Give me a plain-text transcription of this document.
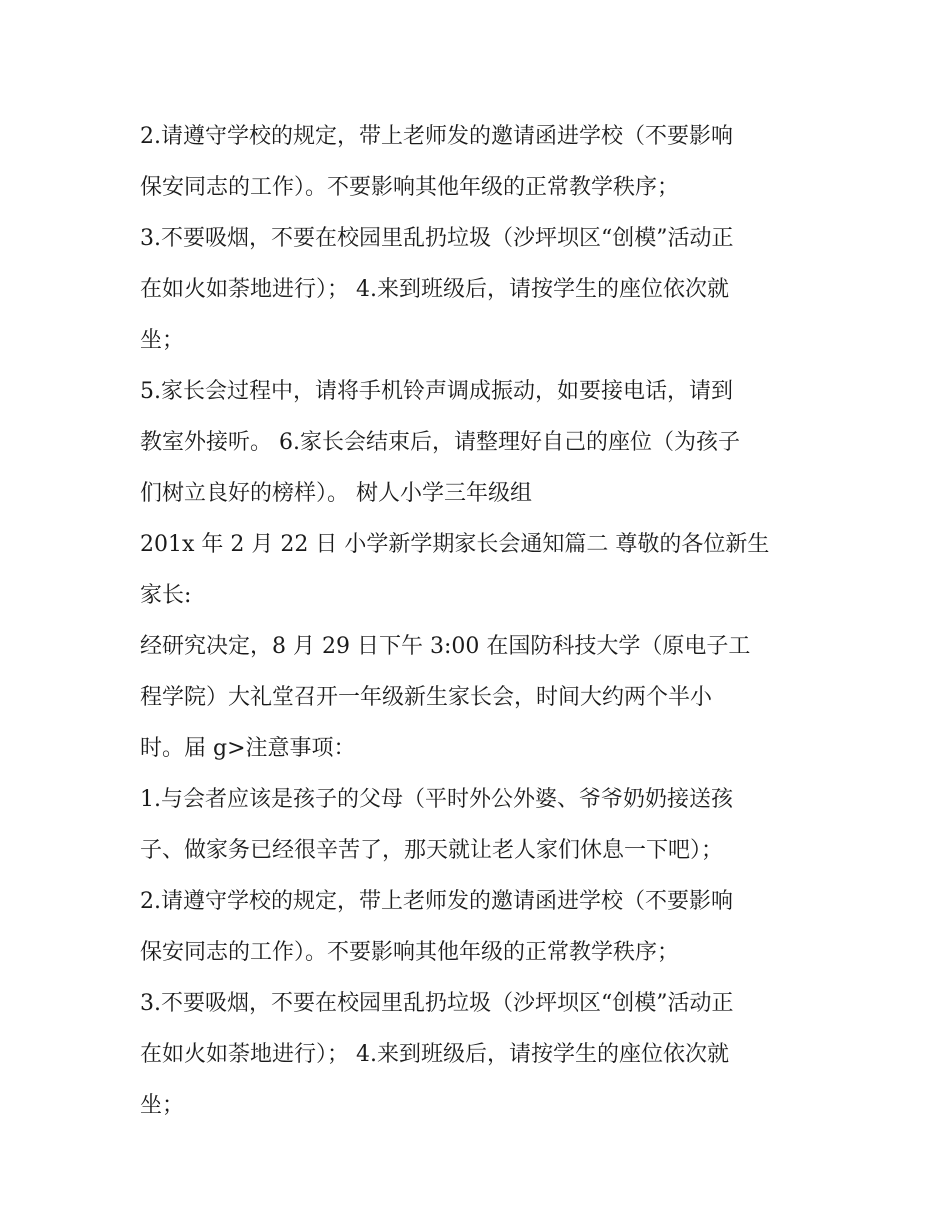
2.请遵守学校的规定，带上老师发的邀请函进学校（不要影响
保安同志的工作）。不要影响其他年级的正常教学秩序；
3.不要吸烟，不要在校园里乱扔垃圾（沙坪坝区“创模”活动正
在如火如荼地进行）； 4.来到班级后，请按学生的座位依次就
坐；
5.家长会过程中，请将手机铃声调成振动，如要接电话，请到
教室外接听。 6.家长会结束后，请整理好自己的座位（为孩子
们树立良好的榜样）。 树人小学三年级组
201x 年 2 月 22 日 小学新学期家长会通知篇二 尊敬的各位新生
家长:
经研究决定，8 月 29 日下午 3:00 在国防科技大学（原电子工
程学院）大礼堂召开一年级新生家长会，时间大约两个半小
时。届 g>注意事项：
1.与会者应该是孩子的父母（平时外公外婆、爷爷奶奶接送孩
子、做家务已经很辛苦了，那天就让老人家们休息一下吧）；
2.请遵守学校的规定，带上老师发的邀请函进学校（不要影响
保安同志的工作）。不要影响其他年级的正常教学秩序；
3.不要吸烟，不要在校园里乱扔垃圾（沙坪坝区“创模”活动正
在如火如荼地进行）； 4.来到班级后，请按学生的座位依次就
坐；
